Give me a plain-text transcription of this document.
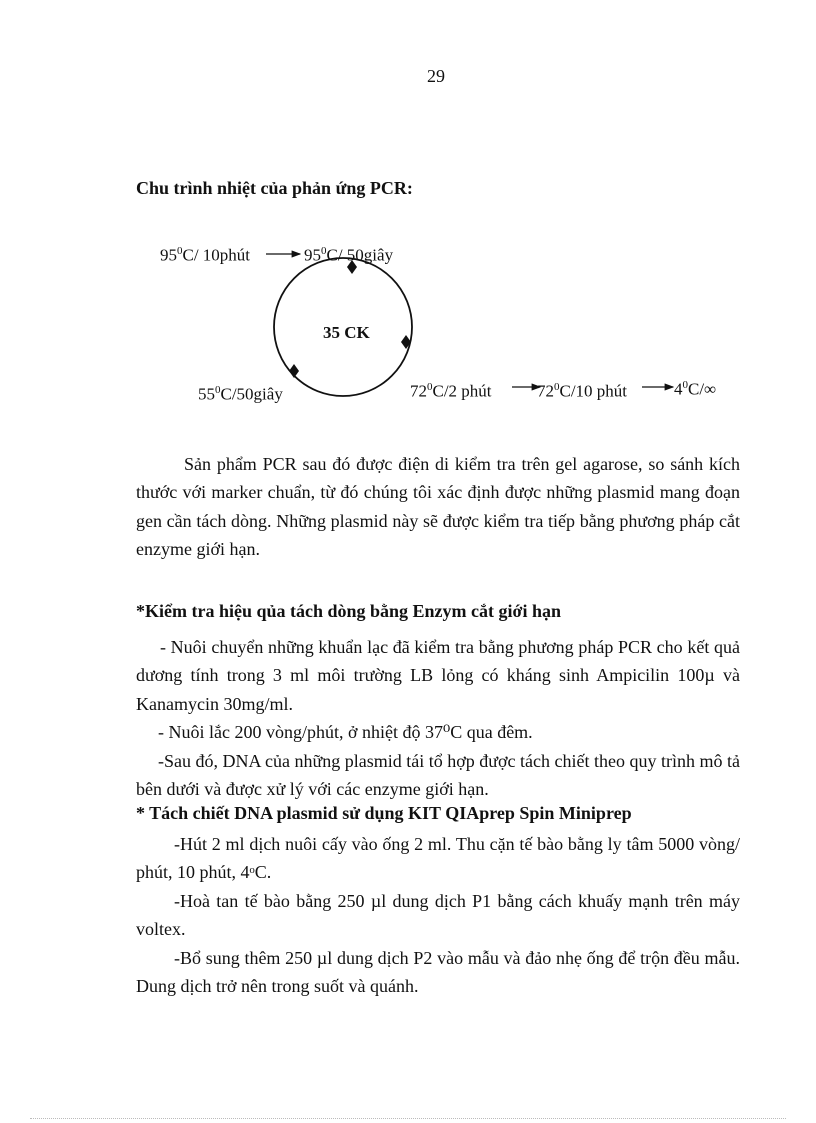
29
Chu trình nhiệt của phản ứng PCR:
35 CK
$95^0C/$ 10phút	$95^0C/$ 50giây
$55^0C/50giây$	$72^0C/2$ phút	$72^0C/10$ phút	$4^0C/\infty$

Sản phẩm PCR sau đó được điện di kiểm tra trên gel agarose, so sánh kích thước với marker chuẩn, từ đó chúng tôi xác định được những plasmid mang đoạn gen cần tách dòng. Những plasmid này sẽ được kiểm tra tiếp bằng phương pháp cắt enzyme giới hạn.

*Kiểm tra hiệu qủa tách dòng bằng Enzym cắt giới hạn

- Nuôi chuyển những khuẩn lạc đã kiểm tra bằng phương pháp PCR cho kết quả dương tính trong 3 ml môi trường LB lỏng có kháng sinh Ampicilin 100µ và Kanamycin 30mg/ml.

- Nuôi lắc 200 vòng/phút, ở nhiệt độ 37⁰C qua đêm.

-Sau đó, DNA của những plasmid tái tổ hợp được tách chiết theo quy trình mô tả bên dưới và được xử lý với các enzyme giới hạn.

* Tách chiết DNA plasmid sử dụng KIT QIAprep Spin Miniprep

-Hút 2 ml dịch nuôi cấy vào ống 2 ml. Thu cặn tế bào bằng ly tâm 5000 vòng/ phút, 10 phút, 4ᵒC.

-Hoà tan tế bào bằng 250 µl dung dịch P1 bằng cách khuấy mạnh trên máy voltex.

-Bổ sung thêm 250 µl dung dịch P2 vào mẫu và đảo nhẹ ống để trộn đều mẫu. Dung dịch trở nên trong suốt và quánh.
